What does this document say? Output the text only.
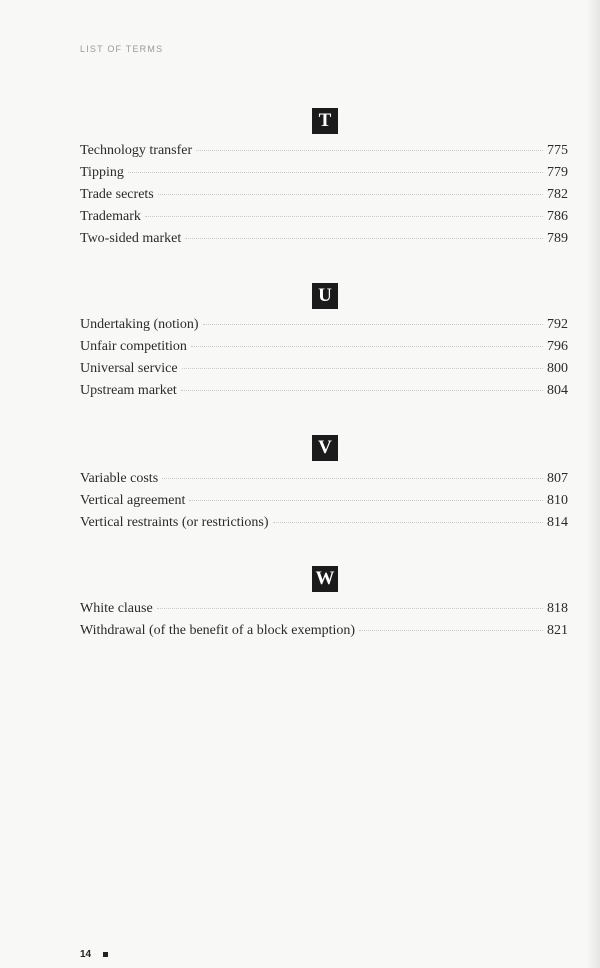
LIST OF TERMS
T
Technology transfer	775
Tipping	779
Trade secrets	782
Trademark	786
Two-sided market	789
U
Undertaking (notion)	792
Unfair competition	796
Universal service	800
Upstream market	804
V
Variable costs	807
Vertical agreement	810
Vertical restraints (or restrictions)	814
W
White clause	818
Withdrawal (of the benefit of a block exemption)	821
14
